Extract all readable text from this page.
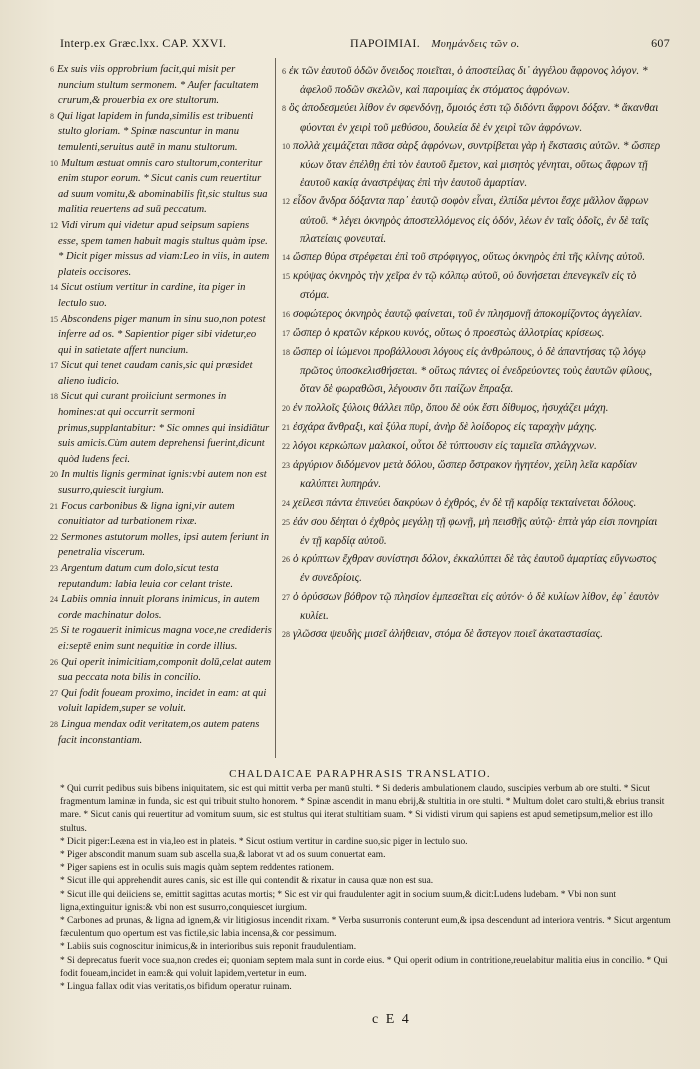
Interp.ex Græc.lxx. CAP. XXVI.	ΠΑΡΟΙΜΙΑΙ. Μυημάνδεις τῶν ο.	607
6 Ex suis viis opprobrium facit,qui misit per nuncium stultum sermonem. * Aufer facultatem crurum,& prouerbia ex ore stultorum.
8 Qui ligat lapidem in funda,similis est tribuenti stulto gloriam. * Spinæ nascuntur in manu temulenti,seruitus autē in manu stultorum.
10 Multum æstuat omnis caro stultorum,conteritur enim stupor eorum. * Sicut canis cum reuertitur ad suum vomitu,& abominabilis fit,sic stultus sua malitia reuertens ad suū peccatum.
12 Vidi virum qui videtur apud seipsum sapiens esse, spem tamen habuit magis stultus quàm ipse. * Dicit piger missus ad viam:Leo in viis, in autem plateis occisores.
14 Sicut ostium vertitur in cardine, ita piger in lectulo suo.
15 Abscondens piger manum in sinu suo,non potest inferre ad os. * Sapientior piger sibi videtur,eo qui in satietate affert nuncium.
17 Sicut qui tenet caudam canis,sic qui præsidet alieno iudicio.
18 Sicut qui curant proiiciunt sermones in homines:at qui occurrit sermoni primus,supplantabitur: * Sic omnes qui insidiātur suis amicis.Cùm autem deprehensi fuerint,dicunt quòd ludens feci.
20 In multis lignis germinat ignis:vbi autem non est susurro,quiescit iurgium.
21 Focus carbonibus & ligna igni,vir autem conuitiator ad turbationem rixæ.
22 Sermones astutorum molles, ipsi autem feriunt in penetralia viscerum.
23 Argentum datum cum dolo,sicut testa reputandum: labia leuia cor celant triste.
24 Labiis omnia innuit plorans inimicus, in autem corde machinatur dolos.
25 Si te rogauerit inimicus magna voce,ne credideris ei:septē enim sunt nequitiæ in corde illius.
26 Qui operit inimicitiam,componit dolū,celat autem sua peccata nota bilis in concilio.
27 Qui fodit foueam proximo, incidet in eam: at qui voluit lapidem,super se voluit.
28 Lingua mendax odit veritatem,os autem patens facit inconstantiam.
6 ἐκ τῶν ἑαυτοῦ ὁδῶν ὄνειδος ποιεῖται, ὁ ἀποστείλας δι᾽ ἀγγέλου ἄφρονος λόγον. * ἀφελοῦ ποδῶν σκελῶν, καὶ παροιμίας ἐκ στόματος ἀφρόνων.
8 ὃς ἀποδεσμεύει λίθον ἐν σφενδόνῃ, ὅμοιός ἐστι τῷ διδόντι ἄφρονι δόξαν. * ἄκανθαι φύονται ἐν χειρὶ τοῦ μεθύσου, δουλεία δὲ ἐν χειρὶ τῶν ἀφρόνων.
10 πολλὰ χειμάζεται πᾶσα σὰρξ ἀφρόνων, συντρίβεται γὰρ ἡ ἔκστασις αὐτῶν. * ὥσπερ κύων ὅταν ἐπέλθῃ ἐπὶ τὸν ἑαυτοῦ ἔμετον, καὶ μισητὸς γένηται, οὕτως ἄφρων τῇ ἑαυτοῦ κακίᾳ ἀναστρέψας ἐπὶ τὴν ἑαυτοῦ ἁμαρτίαν.
12 εἶδον ἄνδρα δόξαντα παρ᾽ ἑαυτῷ σοφὸν εἶναι, ἐλπίδα μέντοι ἔσχε μᾶλλον ἄφρων αὐτοῦ. * λέγει ὀκνηρὸς ἀποστελλόμενος εἰς ὁδόν, λέων ἐν ταῖς ὁδοῖς, ἐν δὲ ταῖς πλατείαις φονευταί.
14 ὥσπερ θύρα στρέφεται ἐπὶ τοῦ στρόφιγγος, οὕτως ὀκνηρὸς ἐπὶ τῆς κλίνης αὐτοῦ.
15 κρύψας ὀκνηρὸς τὴν χεῖρα ἐν τῷ κόλπῳ αὐτοῦ, οὐ δυνήσεται ἐπενεγκεῖν εἰς τὸ στόμα.
16 σοφώτερος ὀκνηρὸς ἑαυτῷ φαίνεται, τοῦ ἐν πλησμονῇ ἀποκομίζοντος ἀγγελίαν.
17 ὥσπερ ὁ κρατῶν κέρκου κυνός, οὕτως ὁ προεστὼς ἀλλοτρίας κρίσεως.
18 ὥσπερ οἱ ἰώμενοι προβάλλουσι λόγους εἰς ἀνθρώπους, ὁ δὲ ἀπαντήσας τῷ λόγῳ πρῶτος ὑποσκελισθήσεται. * οὕτως πάντες οἱ ἐνεδρεύοντες τοὺς ἑαυτῶν φίλους, ὅταν δὲ φωραθῶσι, λέγουσιν ὅτι παίζων ἔπραξα.
20 ἐν πολλοῖς ξύλοις θάλλει πῦρ, ὅπου δὲ οὐκ ἔστι δίθυμος, ἡσυχάζει μάχη.
21 ἐσχάρα ἄνθραξι, καὶ ξύλα πυρί, ἀνὴρ δὲ λοίδορος εἰς ταραχὴν μάχης.
22 λόγοι κερκώπων μαλακοί, οὗτοι δὲ τύπτουσιν εἰς ταμιεῖα σπλάγχνων.
23 ἀργύριον διδόμενον μετὰ δόλου, ὥσπερ ὄστρακον ἡγητέον, χείλη λεῖα καρδίαν καλύπτει λυπηράν.
24 χείλεσι πάντα ἐπινεύει δακρύων ὁ ἐχθρός, ἐν δὲ τῇ καρδίᾳ τεκταίνεται δόλους.
25 ἐάν σου δέηται ὁ ἐχθρὸς μεγάλῃ τῇ φωνῇ, μὴ πεισθῇς αὐτῷ· ἑπτὰ γάρ εἰσι πονηρίαι ἐν τῇ καρδίᾳ αὐτοῦ.
26 ὁ κρύπτων ἔχθραν συνίστησι δόλον, ἐκκαλύπτει δὲ τὰς ἑαυτοῦ ἁμαρτίας εὔγνωστος ἐν συνεδρίοις.
27 ὁ ὀρύσσων βόθρον τῷ πλησίον ἐμπεσεῖται εἰς αὐτόν· ὁ δὲ κυλίων λίθον, ἐφ᾽ ἑαυτὸν κυλίει.
28 γλῶσσα ψευδὴς μισεῖ ἀλήθειαν, στόμα δὲ ἄστεγον ποιεῖ ἀκαταστασίας.
CHALDAICAE PARAPHRASIS TRANSLATIO.
* Qui currit pedibus suis bibens iniquitatem, sic est qui mittit verba per manū stulti. * Si dederis ambulationem claudo, suscipies verbum ab ore stulti. * Sicut fragmentum laminæ in funda, sic est qui tribuit stulto honorem. * Spinæ ascendit in manu ebrij,& stultitia in ore stulti. * Multum dolet caro stulti,& ebrius transit mare. * Sicut canis qui reuertitur ad vomitum suum, sic est stultus qui iterat stultitiam suam. * Si vidisti virum qui sapiens est apud semetipsum,melior est illo stultus.
* Dicit piger:Leæna est in via,leo est in plateis. * Sicut ostium vertitur in cardine suo,sic piger in lectulo suo.
* Piger abscondit manum suam sub ascella sua,& laborat vt ad os suum conuertat eam.
* Piger sapiens est in oculis suis magis quàm septem reddentes rationem.
* Sicut ille qui apprehendit aures canis, sic est ille qui contendit & rixatur in causa quæ non est sua.
* Sicut ille qui deiiciens se, emittit sagittas acutas mortis; * Sic est vir qui fraudulenter agit in socium suum,& dicit:Ludens ludebam. * Vbi non sunt ligna,extinguitur ignis:& vbi non est susurro,conquiescet iurgium.
* Carbones ad prunas, & ligna ad ignem,& vir litigiosus incendit rixam. * Verba susurronis conterunt eum,& ipsa descendunt ad interiora ventris. * Sicut argentum fæculentum quo opertum est vas fictile,sic labia incensa,& cor pessimum.
* Labiis suis cognoscitur inimicus,& in interioribus suis reponit fraudulentiam.
* Si deprecatus fuerit voce sua,non credes ei; quoniam septem mala sunt in corde eius. * Qui operit odium in contritione,reuelabitur malitia eius in concilio. * Qui fodit foueam,incidet in eam:& qui voluit lapidem,vertetur in eum.
* Lingua fallax odit vias veritatis,os bifidum operatur ruinam.
c E 4
